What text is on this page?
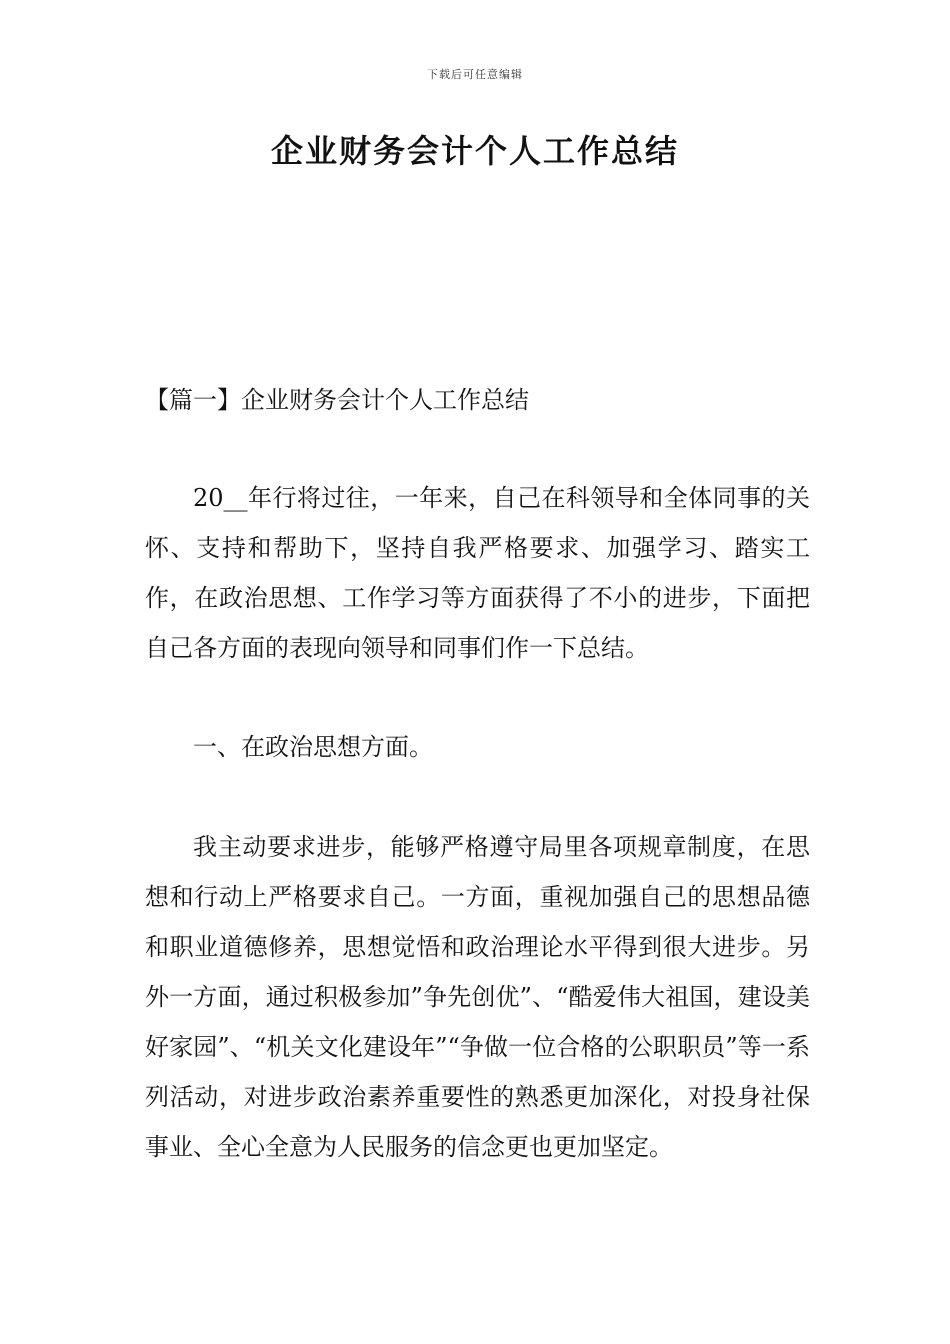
下载后可任意编辑
企业财务会计个人工作总结
【篇一】企业财务会计个人工作总结

20__年行将过往，一年来，自己在科领导和全体同事的关怀、支持和帮助下，坚持自我严格要求、加强学习、踏实工作，在政治思想、工作学习等方面获得了不小的进步，下面把自己各方面的表现向领导和同事们作一下总结。

一、在政治思想方面。

我主动要求进步，能够严格遵守局里各项规章制度，在思想和行动上严格要求自己。一方面，重视加强自己的思想品德和职业道德修养，思想觉悟和政治理论水平得到很大进步。另外一方面，通过积极参加”争先创优”、“酷爱伟大祖国，建设美好家园”、“机关文化建设年”“争做一位合格的公职职员”等一系列活动，对进步政治素养重要性的熟悉更加深化，对投身社保事业、全心全意为人民服务的信念更也更加坚定。
